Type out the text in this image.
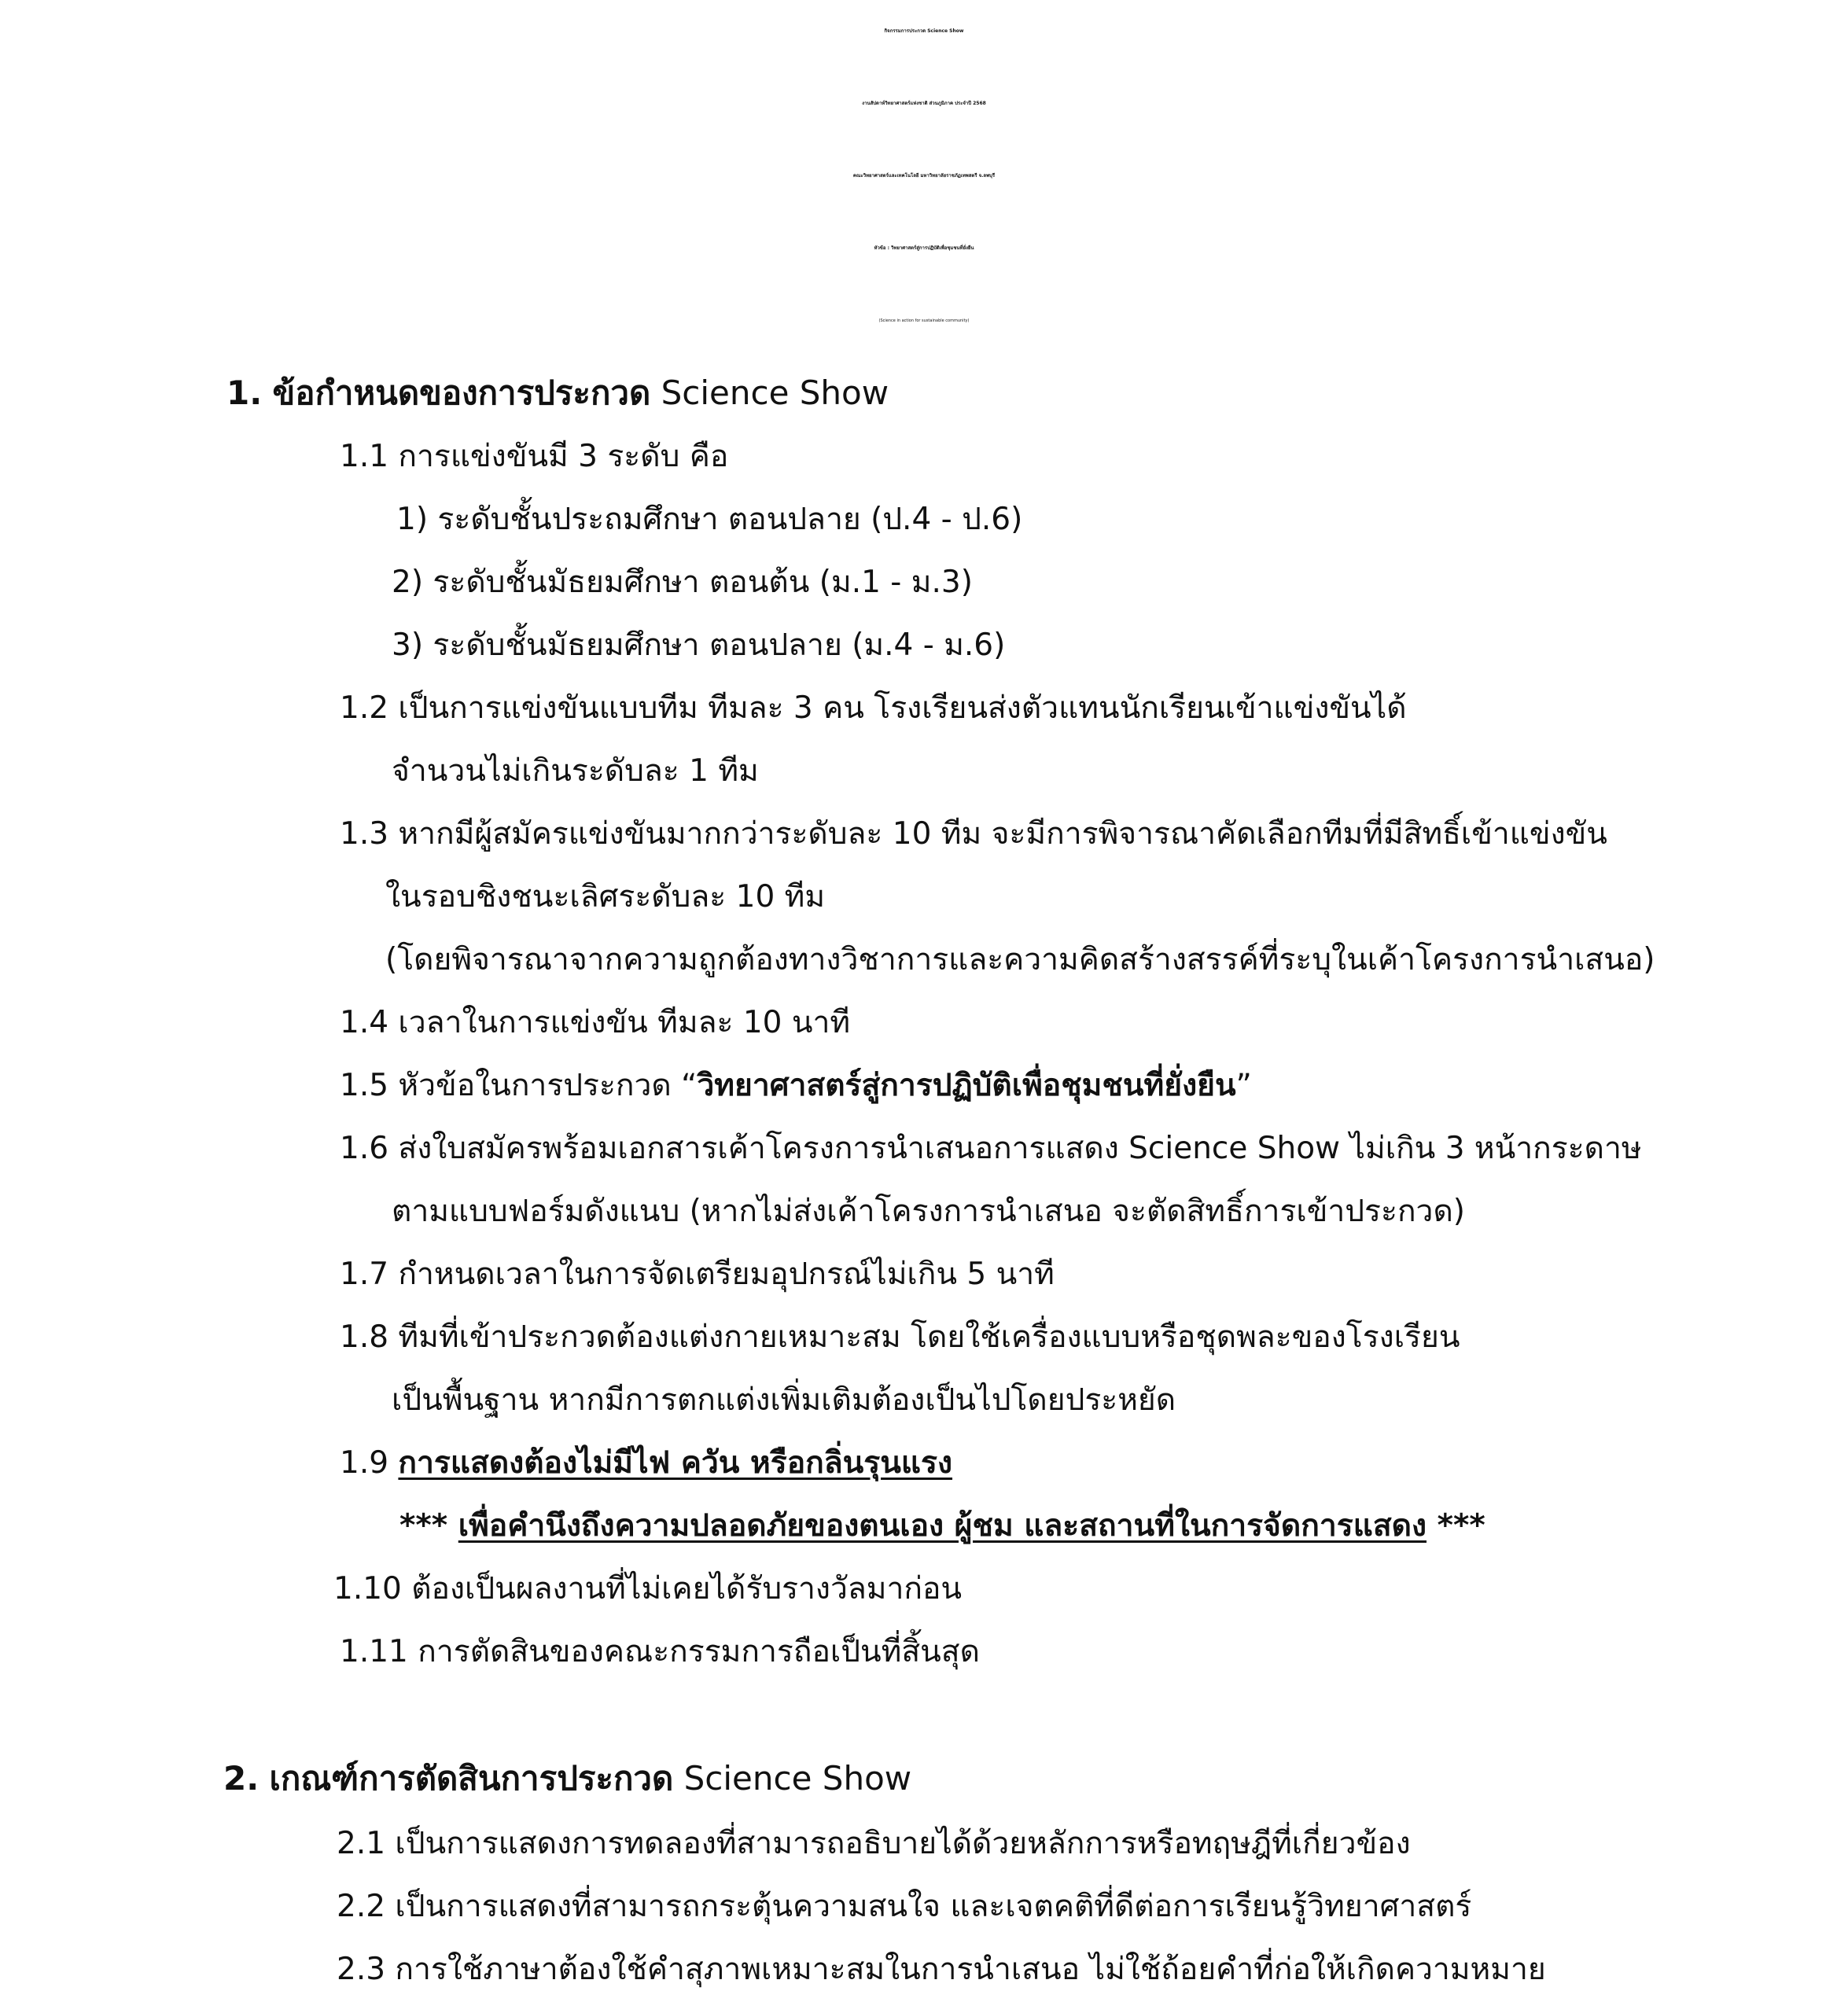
กิจกรรมการประกวด Science Show
งานสัปดาห์วิทยาศาสตร์แห่งชาติ ส่วนภูมิภาค ประจำปี 2568
คณะวิทยาศาสตร์และเทคโนโลยี มหาวิทยาลัยราชภัฏเทพสตรี จ.ลพบุรี
หัวข้อ : วิทยาศาสตร์สู่การปฏิบัติเพื่อชุมชนที่ยั่งยืน
(Science in action for sustainable community)
1. ข้อกำหนดของการประกวด Science Show
1.1 การแข่งขันมี 3 ระดับ คือ
1) ระดับชั้นประถมศึกษา ตอนปลาย (ป.4 - ป.6)
2) ระดับชั้นมัธยมศึกษา ตอนต้น (ม.1 - ม.3)
3) ระดับชั้นมัธยมศึกษา ตอนปลาย (ม.4 - ม.6)
1.2 เป็นการแข่งขันแบบทีม ทีมละ 3 คน โรงเรียนส่งตัวแทนนักเรียนเข้าแข่งขันได้
จำนวนไม่เกินระดับละ 1 ทีม
1.3 หากมีผู้สมัครแข่งขันมากกว่าระดับละ 10 ทีม จะมีการพิจารณาคัดเลือกทีมที่มีสิทธิ์เข้าแข่งขัน
ในรอบชิงชนะเลิศระดับละ 10 ทีม
(โดยพิจารณาจากความถูกต้องทางวิชาการและความคิดสร้างสรรค์ที่ระบุในเค้าโครงการนำเสนอ)
1.4 เวลาในการแข่งขัน ทีมละ 10 นาที
1.5 หัวข้อในการประกวด “วิทยาศาสตร์สู่การปฏิบัติเพื่อชุมชนที่ยั่งยืน”
1.6 ส่งใบสมัครพร้อมเอกสารเค้าโครงการนำเสนอการแสดง Science Show ไม่เกิน 3 หน้ากระดาษ
ตามแบบฟอร์มดังแนบ (หากไม่ส่งเค้าโครงการนำเสนอ จะตัดสิทธิ์การเข้าประกวด)
1.7 กำหนดเวลาในการจัดเตรียมอุปกรณ์ไม่เกิน 5 นาที
1.8 ทีมที่เข้าประกวดต้องแต่งกายเหมาะสม โดยใช้เครื่องแบบหรือชุดพละของโรงเรียน
เป็นพื้นฐาน หากมีการตกแต่งเพิ่มเติมต้องเป็นไปโดยประหยัด
1.9 การแสดงต้องไม่มีไฟ ควัน หรือกลิ่นรุนแรง
*** เพื่อคำนึงถึงความปลอดภัยของตนเอง ผู้ชม และสถานที่ในการจัดการแสดง ***
1.10 ต้องเป็นผลงานที่ไม่เคยได้รับรางวัลมาก่อน
1.11 การตัดสินของคณะกรรมการถือเป็นที่สิ้นสุด
2. เกณฑ์การตัดสินการประกวด Science Show
2.1 เป็นการแสดงการทดลองที่สามารถอธิบายได้ด้วยหลักการหรือทฤษฎีที่เกี่ยวข้อง
2.2 เป็นการแสดงที่สามารถกระตุ้นความสนใจ และเจตคติที่ดีต่อการเรียนรู้วิทยาศาสตร์
2.3 การใช้ภาษาต้องใช้คำสุภาพเหมาะสมในการนำเสนอ ไม่ใช้ถ้อยคำที่ก่อให้เกิดความหมาย
